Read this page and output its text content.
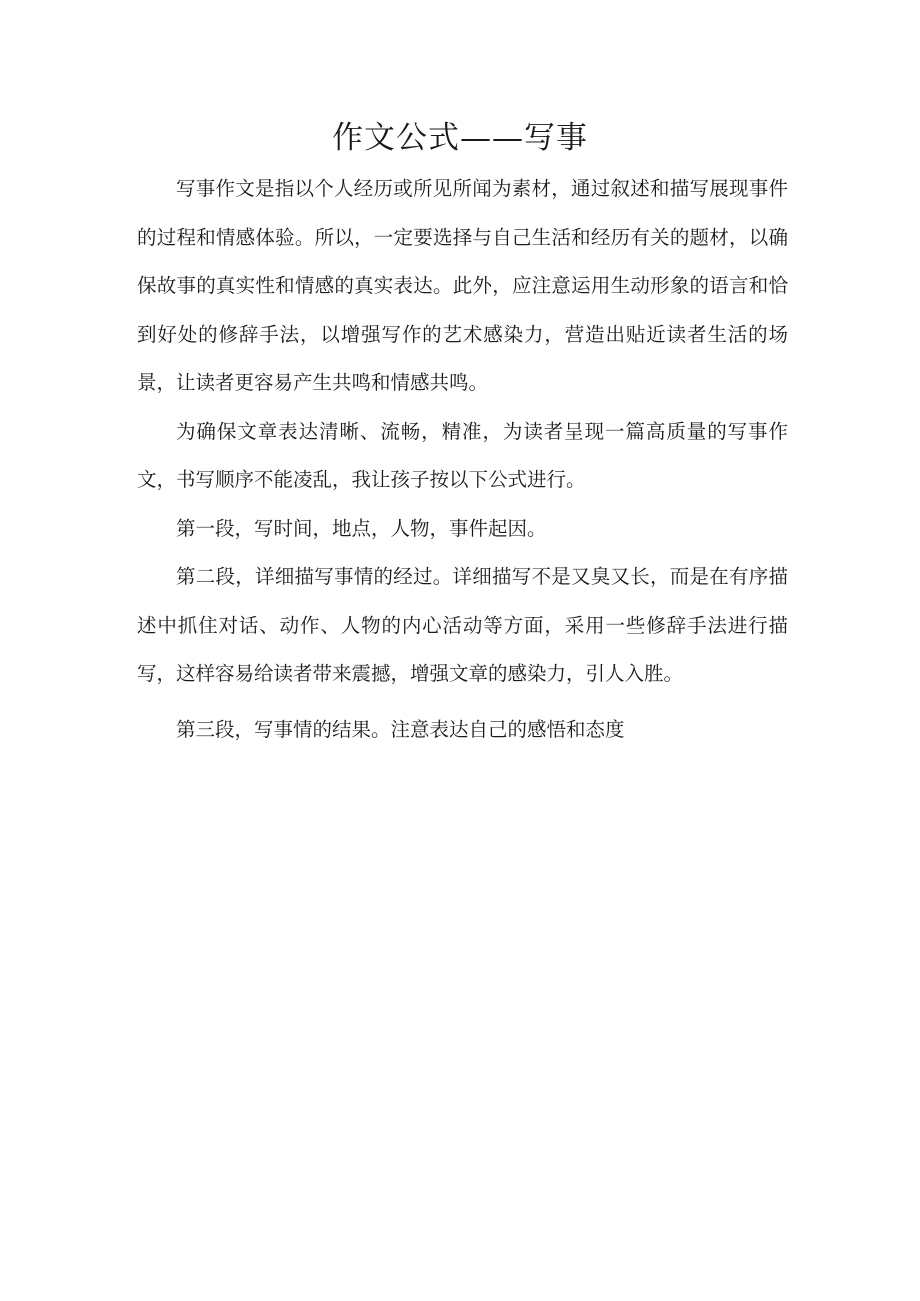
作文公式——写事

写事作文是指以个人经历或所见所闻为素材，通过叙述和描写展现事件的过程和情感体验。所以，一定要选择与自己生活和经历有关的题材，以确保故事的真实性和情感的真实表达。此外，应注意运用生动形象的语言和恰到好处的修辞手法，以增强写作的艺术感染力，营造出贴近读者生活的场景，让读者更容易产生共鸣和情感共鸣。

为确保文章表达清晰、流畅，精准，为读者呈现一篇高质量的写事作文，书写顺序不能凌乱，我让孩子按以下公式进行。

第一段，写时间，地点，人物，事件起因。

第二段，详细描写事情的经过。详细描写不是又臭又长，而是在有序描述中抓住对话、动作、人物的内心活动等方面，采用一些修辞手法进行描写，这样容易给读者带来震撼，增强文章的感染力，引人入胜。

第三段，写事情的结果。注意表达自己的感悟和态度
